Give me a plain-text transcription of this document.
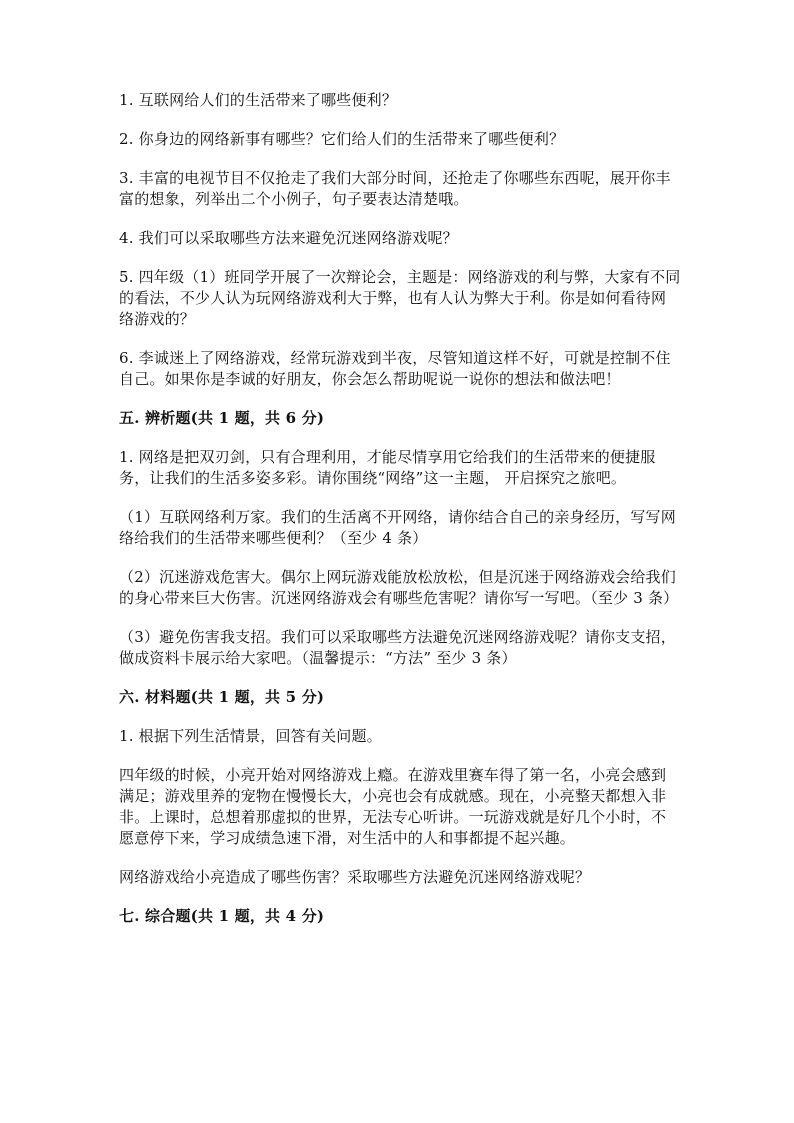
1. 互联网给人们的生活带来了哪些便利？

2. 你身边的网络新事有哪些？它们给人们的生活带来了哪些便利？

3. 丰富的电视节目不仅抢走了我们大部分时间，还抢走了你哪些东西呢，展开你丰富的想象，列举出二个小例子，句子要表达清楚哦。

4. 我们可以采取哪些方法来避免沉迷网络游戏呢？

5. 四年级（1）班同学开展了一次辩论会，主题是：网络游戏的利与弊，大家有不同的看法，不少人认为玩网络游戏利大于弊，也有人认为弊大于利。你是如何看待网络游戏的？

6. 李诚迷上了网络游戏，经常玩游戏到半夜，尽管知道这样不好，可就是控制不住自己。如果你是李诚的好朋友，你会怎么帮助呢说一说你的想法和做法吧！

五. 辨析题(共 1 题，共 6 分)

1. 网络是把双刃剑，只有合理利用，才能尽情享用它给我们的生活带来的便捷服务，让我们的生活多姿多彩。请你围绕“网络”这一主题， 开启探究之旅吧。

（1）互联网络利万家。我们的生活离不开网络，请你结合自己的亲身经历，写写网络给我们的生活带来哪些便利？（至少 4 条）

（2）沉迷游戏危害大。偶尔上网玩游戏能放松放松，但是沉迷于网络游戏会给我们的身心带来巨大伤害。沉迷网络游戏会有哪些危害呢？请你写一写吧。（至少 3 条）

（3）避免伤害我支招。我们可以采取哪些方法避免沉迷网络游戏呢？请你支支招，做成资料卡展示给大家吧。（温馨提示：“方法” 至少 3 条）

六. 材料题(共 1 题，共 5 分)

1. 根据下列生活情景，回答有关问题。

四年级的时候，小亮开始对网络游戏上瘾。在游戏里赛车得了第一名，小亮会感到满足；游戏里养的宠物在慢慢长大，小亮也会有成就感。现在，小亮整天都想入非非。上课时，总想着那虚拟的世界，无法专心听讲。一玩游戏就是好几个小时，不愿意停下来，学习成绩急速下滑，对生活中的人和事都提不起兴趣。

网络游戏给小亮造成了哪些伤害？采取哪些方法避免沉迷网络游戏呢？

七. 综合题(共 1 题，共 4 分)
